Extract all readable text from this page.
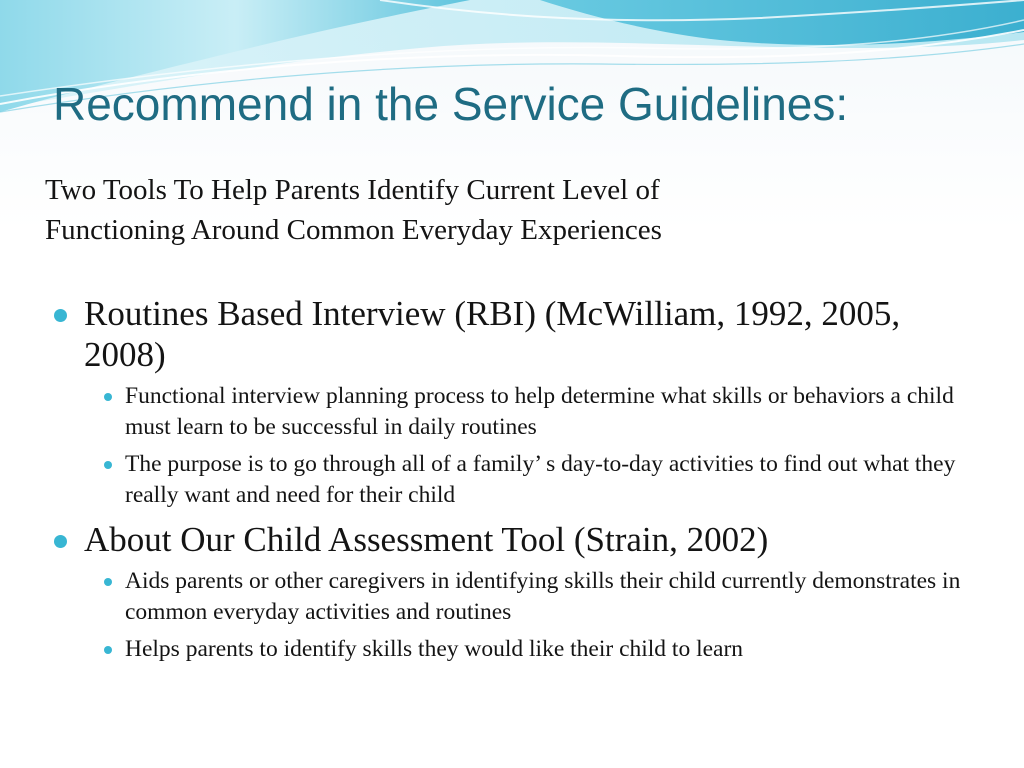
Recommend in the Service Guidelines:

Two Tools To Help Parents Identify Current Level of
Functioning Around Common Everyday Experiences

Routines Based Interview (RBI) (McWilliam, 1992, 2005, 2008)
Functional interview planning process to help determine what skills or behaviors a child must learn to be successful in daily routines
The purpose is to go through all of a family’ s day-to-day activities to find out what they really want and need for their child
About Our Child Assessment Tool (Strain, 2002)
Aids parents or other caregivers in identifying skills their child currently demonstrates in common everyday activities and routines
Helps parents to identify skills they would like their child to learn
